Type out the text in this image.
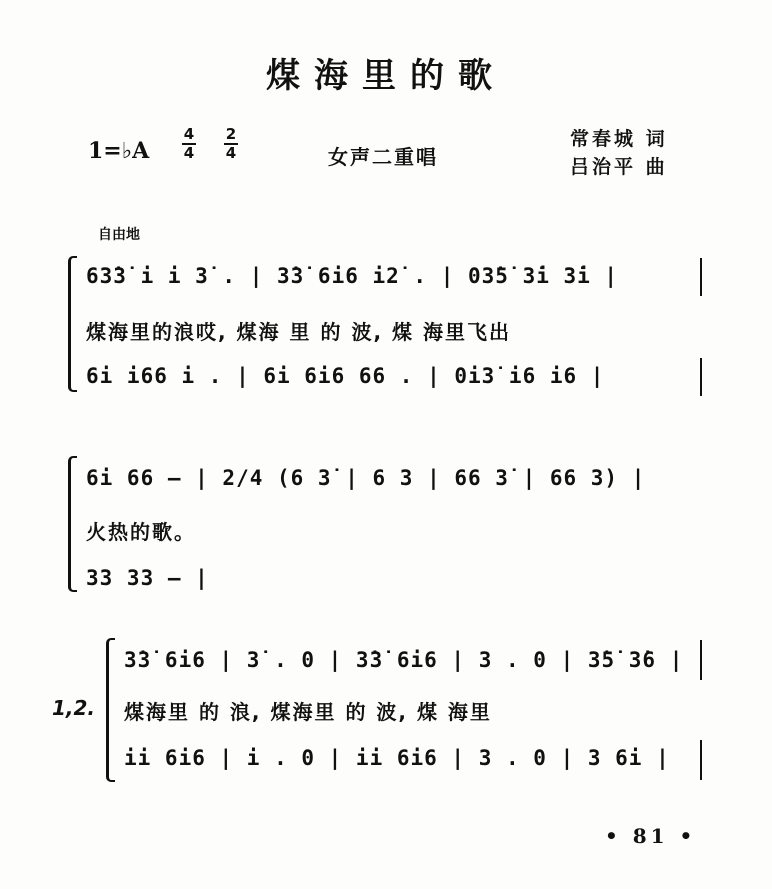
煤海里的歌
1=♭A
4
4
2
4	女声二重唱
常春城 词
吕治平 曲
自由地
63̇3̇ i i 3̇ . | 3̇3̇ 6i6 i2̇ . | 03̇5̇ 3̇i 3̇i |
煤海里的浪哎, 煤海 里 的 波, 煤 海里飞出
6i i66 i . | 6i 6i6 66 . | 0i3̇ i6 i6 |
6i 66 — | 2/4 (6 3̇ | 6 3 | 66 3̇ | 66 3) |
火热的歌。
33 33 — |
1,2.
3̇3̇ 6i6 | 3̇ . 0 | 3̇3̇ 6i6 | 3 . 0 | 3̇5̇ 3̇6 |
煤海里 的 浪, 煤海里 的 波, 煤 海里
ii 6i6 | i . 0 | ii 6i6 | 3 . 0 | 3 6i |
• 81 •
